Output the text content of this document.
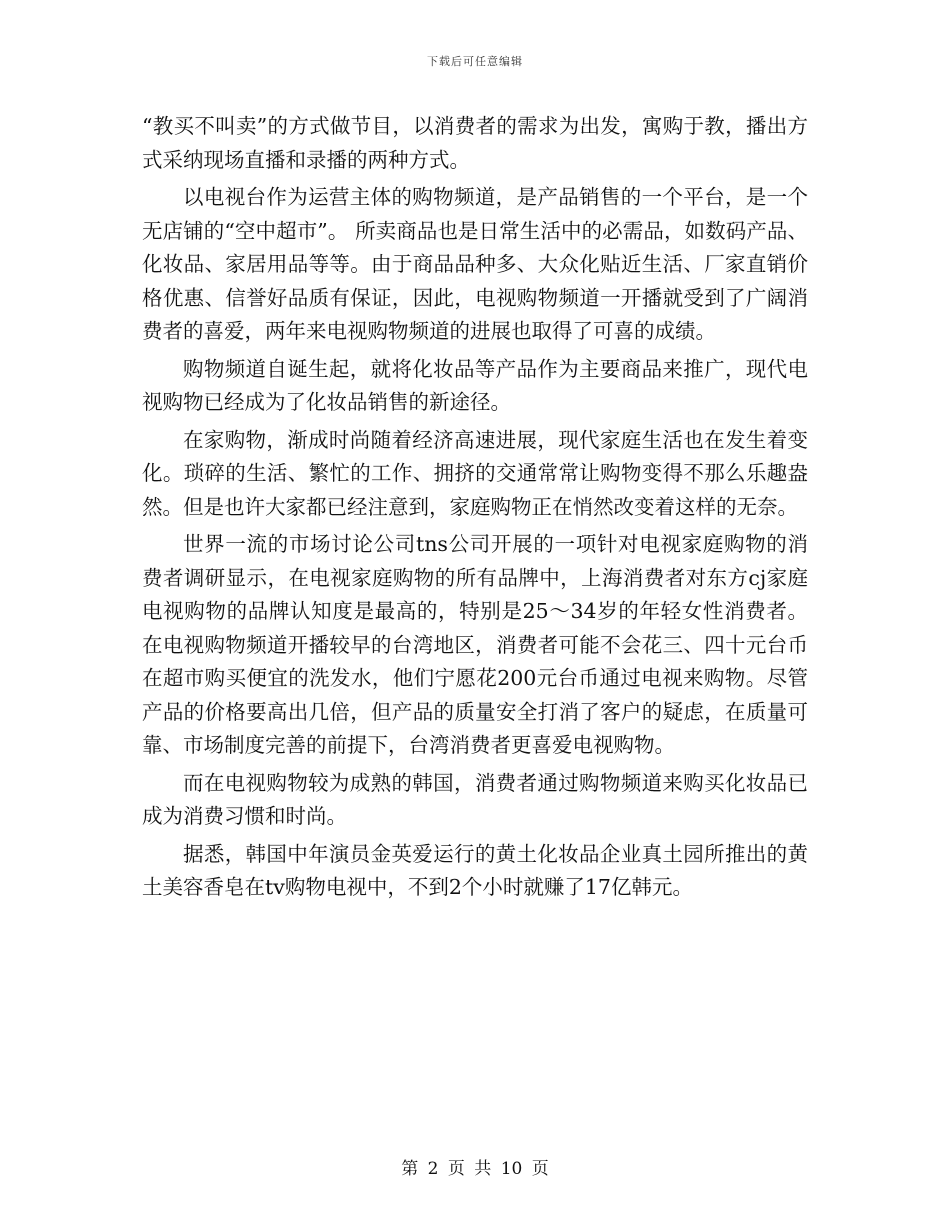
下载后可任意编辑

“教买不叫卖”的方式做节目，以消费者的需求为出发，寓购于教，播出方式采纳现场直播和录播的两种方式。

以电视台作为运营主体的购物频道，是产品销售的一个平台，是一个无店铺的“空中超市”。 所卖商品也是日常生活中的必需品，如数码产品、化妆品、家居用品等等。由于商品品种多、大众化贴近生活、厂家直销价格优惠、信誉好品质有保证，因此，电视购物频道一开播就受到了广阔消费者的喜爱，两年来电视购物频道的进展也取得了可喜的成绩。

购物频道自诞生起，就将化妆品等产品作为主要商品来推广，现代电视购物已经成为了化妆品销售的新途径。

在家购物，渐成时尚随着经济高速进展，现代家庭生活也在发生着变化。琐碎的生活、繁忙的工作、拥挤的交通常常让购物变得不那么乐趣盎然。但是也许大家都已经注意到，家庭购物正在悄然改变着这样的无奈。

世界一流的市场讨论公司tns公司开展的一项针对电视家庭购物的消费者调研显示，在电视家庭购物的所有品牌中，上海消费者对东方cj家庭电视购物的品牌认知度是最高的，特别是25～34岁的年轻女性消费者。在电视购物频道开播较早的台湾地区，消费者可能不会花三、四十元台币在超市购买便宜的洗发水，他们宁愿花200元台币通过电视来购物。尽管产品的价格要高出几倍，但产品的质量安全打消了客户的疑虑，在质量可靠、市场制度完善的前提下，台湾消费者更喜爱电视购物。

而在电视购物较为成熟的韩国，消费者通过购物频道来购买化妆品已成为消费习惯和时尚。

据悉，韩国中年演员金英爱运行的黄土化妆品企业真土园所推出的黄土美容香皂在tv购物电视中，不到2个小时就赚了17亿韩元。

第 2 页 共 10 页
